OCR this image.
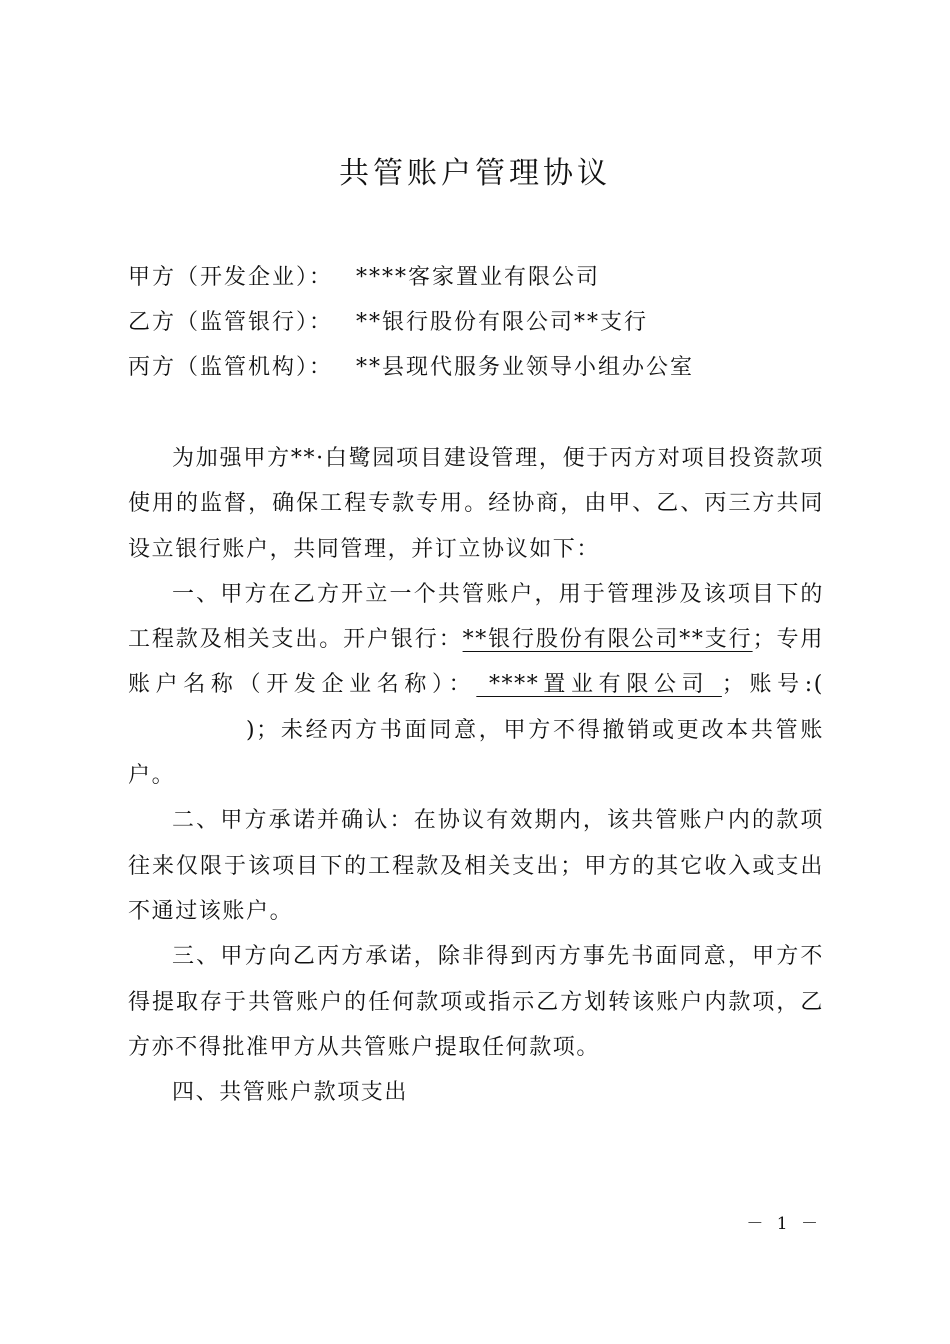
共管账户管理协议
甲方（开发企业）： ****客家置业有限公司
乙方（监管银行）： **银行股份有限公司**支行
丙方（监管机构）： **县现代服务业领导小组办公室

为加强甲方**·白鹭园项目建设管理，便于丙方对项目投资款项使用的监督，确保工程专款专用。经协商，由甲、乙、丙三方共同设立银行账户，共同管理，并订立协议如下：

一、甲方在乙方开立一个共管账户，用于管理涉及该项目下的工程款及相关支出。开户银行：**银行股份有限公司**支行；专用账户名称（开发企业名称）： ****置业有限公司 ；账号:()；未经丙方书面同意，甲方不得撤销或更改本共管账户。

二、甲方承诺并确认：在协议有效期内，该共管账户内的款项往来仅限于该项目下的工程款及相关支出；甲方的其它收入或支出不通过该账户。

三、甲方向乙丙方承诺，除非得到丙方事先书面同意，甲方不得提取存于共管账户的任何款项或指示乙方划转该账户内款项，乙方亦不得批准甲方从共管账户提取任何款项。

四、共管账户款项支出

－ 1 －
